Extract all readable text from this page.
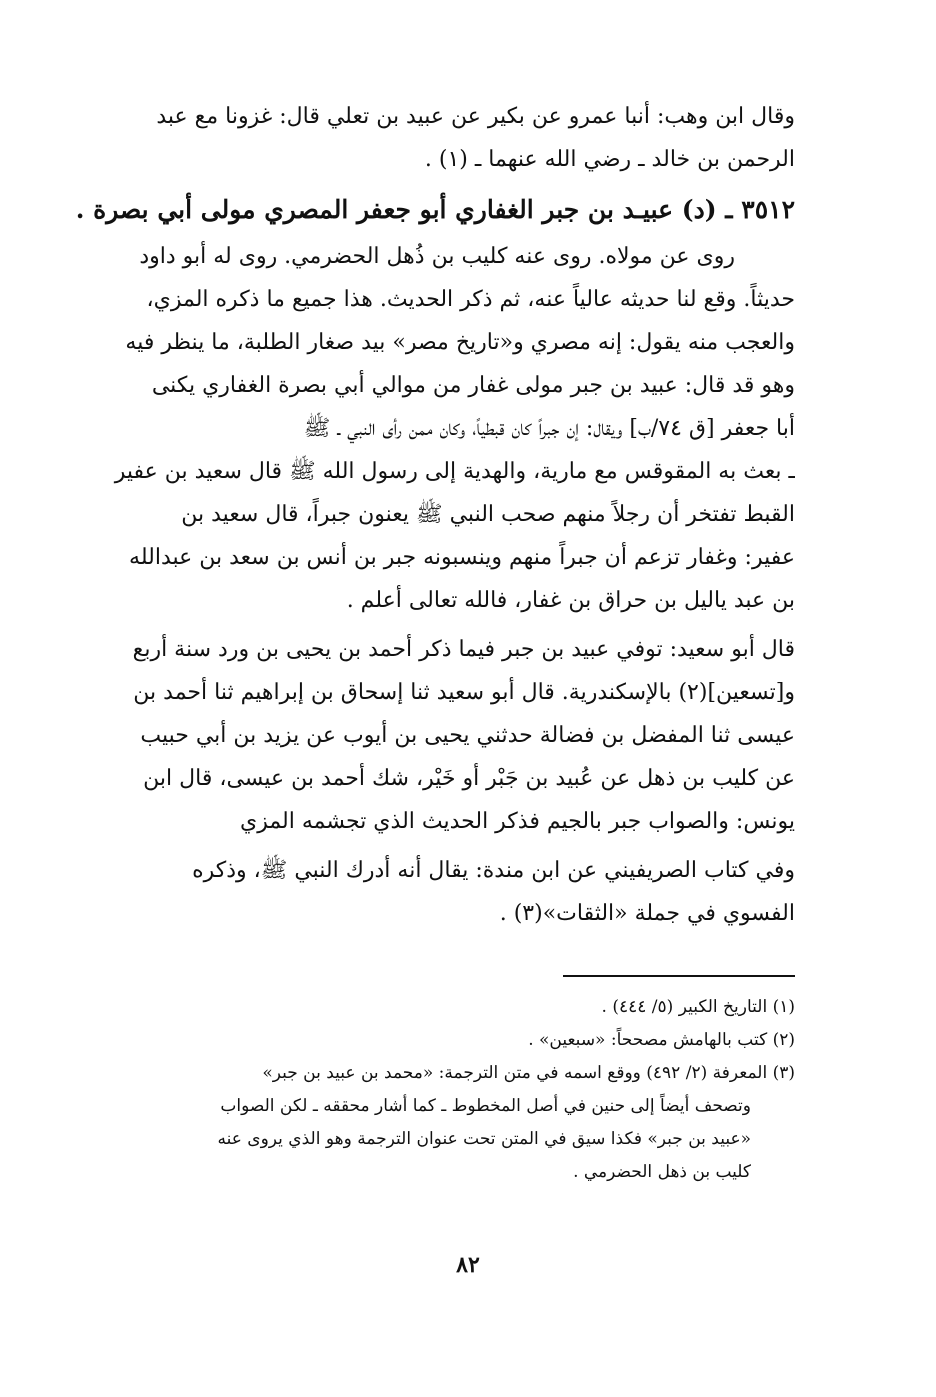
وقال ابن وهب: أنبا عمرو عن بكير عن عبيد بن تعلي قال: غزونا مع عبد
الرحمن بن خالد ـ رضي الله عنهما ـ (١) .
٣٥١٢ ـ (د) عبيـد بن جبر الغفاري أبو جعفر المصري مولى أبي بصرة .
روى عن مولاه. روى عنه كليب بن ذُهل الحضرمي. روى له أبو داود
حديثاً. وقع لنا حديثه عالياً عنه، ثم ذكر الحديث. هذا جميع ما ذكره المزي،
والعجب منه يقول: إنه مصري و«تاريخ مصر» بيد صغار الطلبة، ما ينظر فيه
وهو قد قال: عبيد بن جبر مولى غفار من موالي أبي بصرة الغفاري يكنى
أبا جعفر [ق ٧٤/ب] ويقال: إن جبراً كان قبطياً، وكان ممن رأى النبي ـ ﷺ
ـ بعث به المقوقس مع مارية، والهدية إلى رسول الله ﷺ قال سعيد بن عفير
القبط تفتخر أن رجلاً منهم صحب النبي ﷺ يعنون جبراً، قال سعيد بن
عفير: وغفار تزعم أن جبراً منهم وينسبونه جبر بن أنس بن سعد بن عبدالله
بن عبد ياليل بن حراق بن غفار، فالله تعالى أعلم .
قال أبو سعيد: توفي عبيد بن جبر فيما ذكر أحمد بن يحيى بن ورد سنة أربع
و[تسعين](٢) بالإسكندرية. قال أبو سعيد ثنا إسحاق بن إبراهيم ثنا أحمد بن
عيسى ثنا المفضل بن فضالة حدثني يحيى بن أيوب عن يزيد بن أبي حبيب
عن كليب بن ذهل عن عُبيد بن جَبْر أو خَيْر، شك أحمد بن عيسى، قال ابن
يونس: والصواب جبر بالجيم فذكر الحديث الذي تجشمه المزي
وفي كتاب الصريفيني عن ابن مندة: يقال أنه أدرك النبي ﷺ، وذكره
الفسوي في جملة «الثقات»(٣) .
(١) التاريخ الكبير (٥/ ٤٤٤) .
(٢) كتب بالهامش مصححاً: «سبعين» .
(٣) المعرفة (٢/ ٤٩٢) ووقع اسمه في متن الترجمة: «محمد بن عبيد بن جبر»
وتصحف أيضاً إلى حنين في أصل المخطوط ـ كما أشار محققه ـ لكن الصواب
«عبيد بن جبر» فكذا سيق في المتن تحت عنوان الترجمة وهو الذي يروى عنه
كليب بن ذهل الحضرمي .
٨٢
